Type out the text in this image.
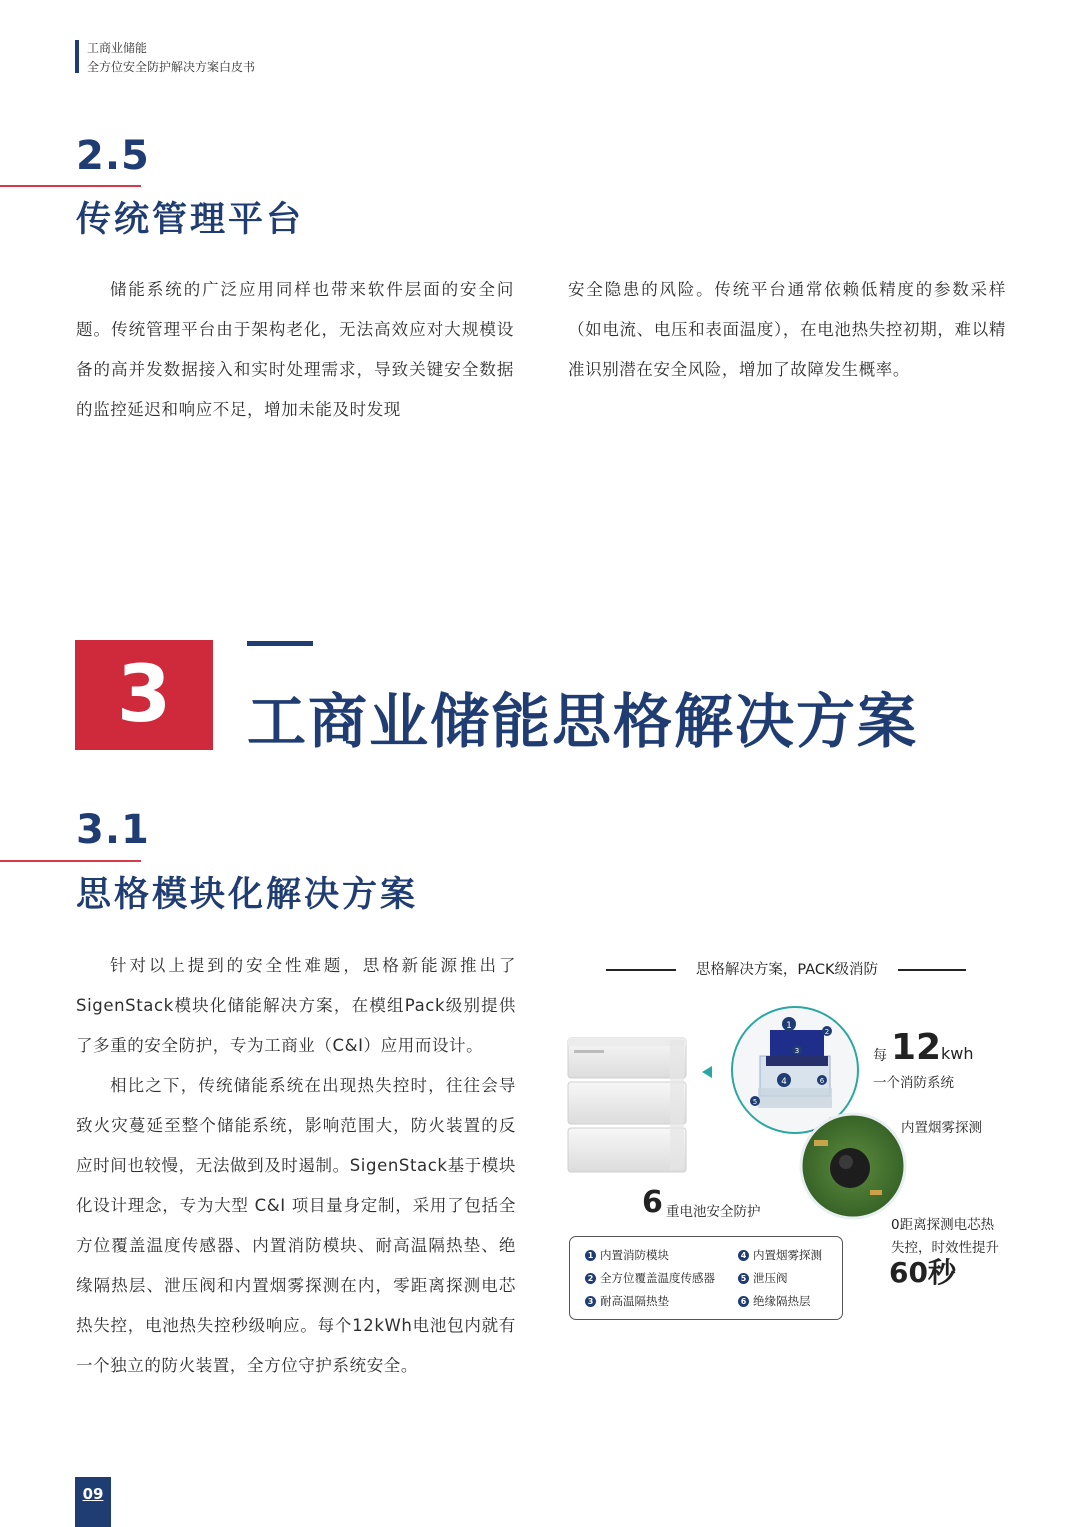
工商业储能
全方位安全防护解决方案白皮书
2.5
传统管理平台

储能系统的广泛应用同样也带来软件层面的安全问题。传统管理平台由于架构老化，无法高效应对大规模设备的高并发数据接入和实时处理需求，导致关键安全数据的监控延迟和响应不足，增加未能及时发现

安全隐患的风险。传统平台通常依赖低精度的参数采样（如电流、电压和表面温度），在电池热失控初期，难以精准识别潜在安全风险，增加了故障发生概率。

3	工商业储能思格解决方案
3.1
思格模块化解决方案

针对以上提到的安全性难题，思格新能源推出了SigenStack模块化储能解决方案，在模组Pack级别提供了多重的安全防护，专为工商业（C&I）应用而设计。

相比之下，传统储能系统在出现热失控时，往往会导致火灾蔓延至整个储能系统，影响范围大，防火装置的反应时间也较慢，无法做到及时遏制。SigenStack基于模块化设计理念，专为大型 C&I 项目量身定制，采用了包括全方位覆盖温度传感器、内置消防模块、耐高温隔热垫、绝缘隔热层、泄压阀和内置烟雾探测在内，零距离探测电芯热失控，电池热失控秒级响应。每个12kWh电池包内就有一个独立的防火装置，全方位守护系统安全。

思格解决方案，PACK级消防
1
2
3
4
5
6
每 12 kwh
一个消防系统
内置烟雾探测
6 重电池安全防护
0距离探测电芯热
失控，时效性提升
60秒
1 内置消防模块
2 全方位覆盖温度传感器
3 耐高温隔热垫
4 内置烟雾探测
5 泄压阀
6 绝缘隔热层
09
